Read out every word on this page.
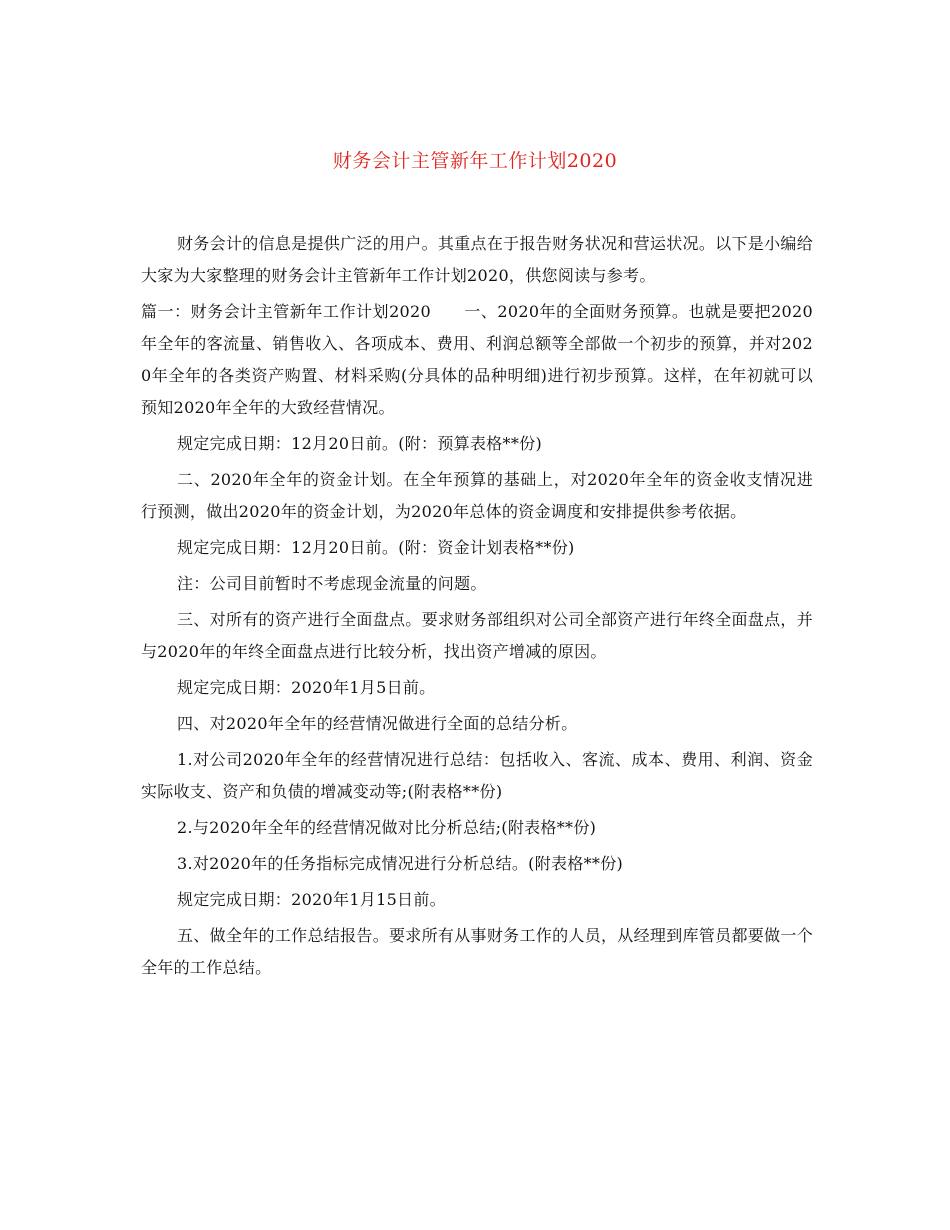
财务会计主管新年工作计划2020

财务会计的信息是提供广泛的用户。其重点在于报告财务状况和营运状况。以下是小编给大家为大家整理的财务会计主管新年工作计划2020，供您阅读与参考。

篇一：财务会计主管新年工作计划2020　　一、2020年的全面财务预算。也就是要把2020年全年的客流量、销售收入、各项成本、费用、利润总额等全部做一个初步的预算，并对2020年全年的各类资产购置、材料采购(分具体的品种明细)进行初步预算。这样，在年初就可以预知2020年全年的大致经营情况。

规定完成日期：12月20日前。(附：预算表格**份)

二、2020年全年的资金计划。在全年预算的基础上，对2020年全年的资金收支情况进行预测，做出2020年的资金计划，为2020年总体的资金调度和安排提供参考依据。

规定完成日期：12月20日前。(附：资金计划表格**份)

注：公司目前暂时不考虑现金流量的问题。

三、对所有的资产进行全面盘点。要求财务部组织对公司全部资产进行年终全面盘点，并与2020年的年终全面盘点进行比较分析，找出资产增减的原因。

规定完成日期：2020年1月5日前。

四、对2020年全年的经营情况做进行全面的总结分析。

1.对公司2020年全年的经营情况进行总结：包括收入、客流、成本、费用、利润、资金实际收支、资产和负债的增减变动等;(附表格**份)

2.与2020年全年的经营情况做对比分析总结;(附表格**份)

3.对2020年的任务指标完成情况进行分析总结。(附表格**份)

规定完成日期：2020年1月15日前。

五、做全年的工作总结报告。要求所有从事财务工作的人员，从经理到库管员都要做一个全年的工作总结。
